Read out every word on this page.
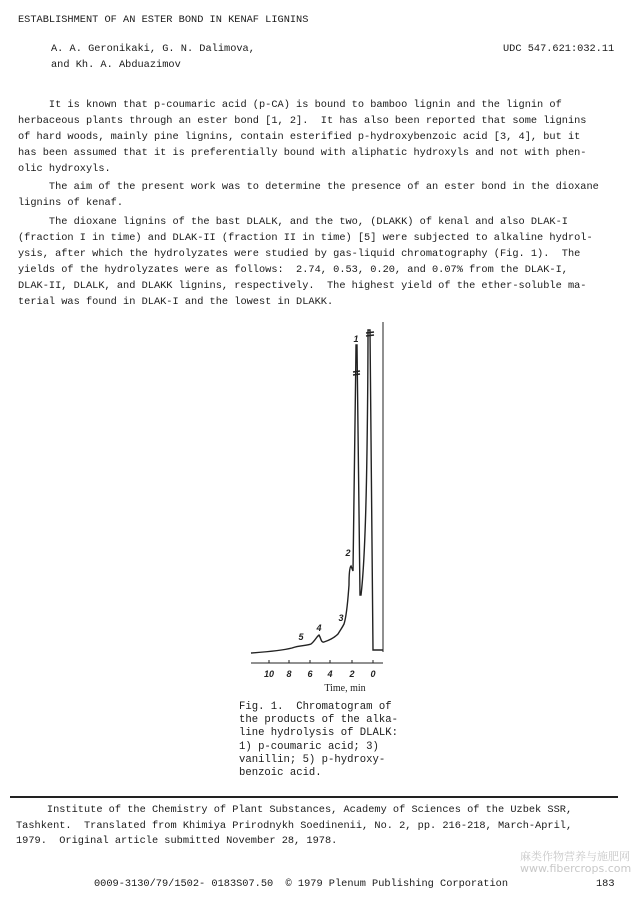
ESTABLISHMENT OF AN ESTER BOND IN KENAF LIGNINS
A. A. Geronikaki, G. N. Dalimova,
and Kh. A. Abduazimov
UDC 547.621:032.11
It is known that p-coumaric acid (p-CA) is bound to bamboo lignin and the lignin of
herbaceous plants through an ester bond [1, 2].  It has also been reported that some lignins
of hard woods, mainly pine lignins, contain esterified p-hydroxybenzoic acid [3, 4], but it
has been assumed that it is preferentially bound with aliphatic hydroxyls and not with phen-
olic hydroxyls.
The aim of the present work was to determine the presence of an ester bond in the dioxane
lignins of kenaf.
The dioxane lignins of the bast DLALK, and the two, (DLAKK) of kenal and also DLAK-I
(fraction I in time) and DLAK-II (fraction II in time) [5] were subjected to alkaline hydrol-
ysis, after which the hydrolyzates were studied by gas-liquid chromatography (Fig. 1).  The
yields of the hydrolyzates were as follows:  2.74, 0.53, 0.20, and 0.07% from the DLAK-I,
DLAK-II, DLALK, and DLAKK lignins, respectively.  The highest yield of the ether-soluble ma-
terial was found in DLAK-I and the lowest in DLAKK.
10 8 6 4 2 0
1
2
3
4
5
Time, min
Fig. 1.  Chromatogram of
the products of the alka-
line hydrolysis of DLALK:
1) p-coumaric acid; 3)
vanillin; 5) p-hydroxy-
benzoic acid.
Institute of the Chemistry of Plant Substances, Academy of Sciences of the Uzbek SSR,
Tashkent.  Translated from Khimiya Prirodnykh Soedinenii, No. 2, pp. 216-218, March-April,
1979.  Original article submitted November 28, 1978.
麻类作物营养与施肥网
www.fibercrops.com
0009-3130/79/1502- 0183S07.50  © 1979 Plenum Publishing Corporation	183
